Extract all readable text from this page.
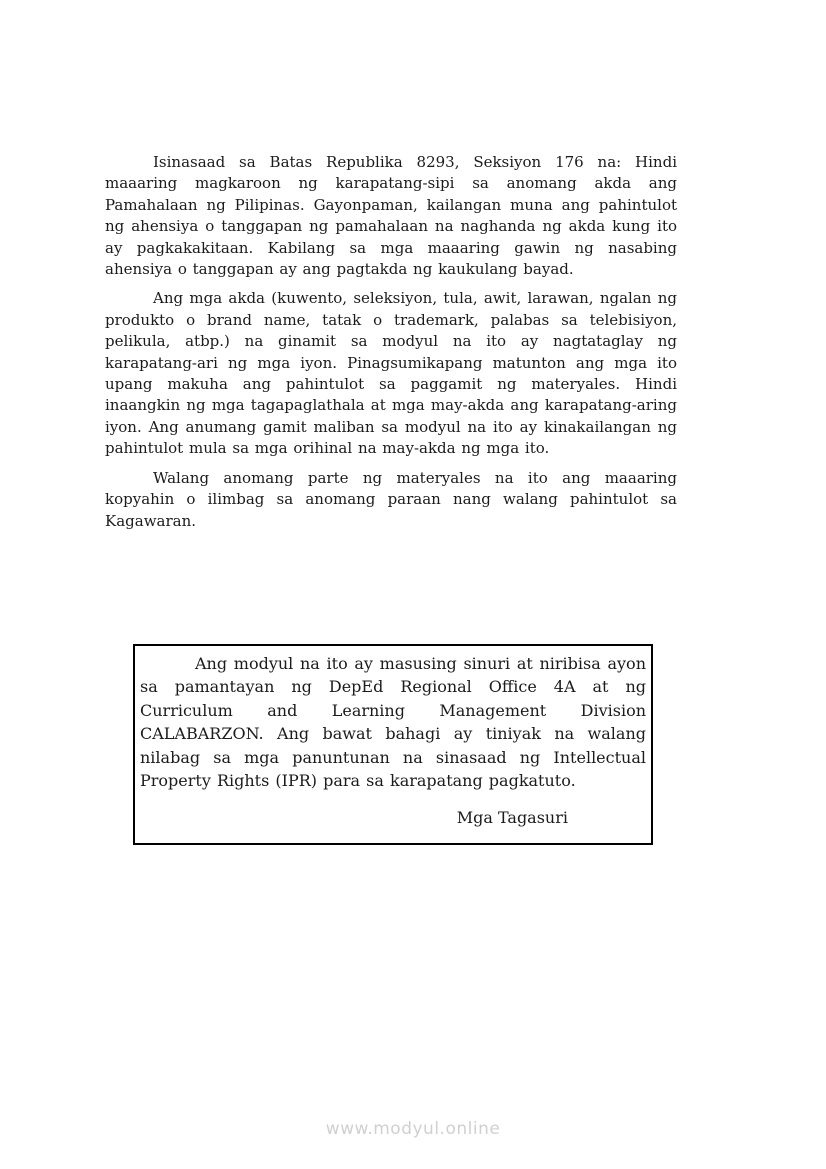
Isinasaad sa Batas Republika 8293, Seksiyon 176 na: Hindi maaaring magkaroon ng karapatang-sipi sa anomang akda ang Pamahalaan ng Pilipinas. Gayonpaman, kailangan muna ang pahintulot ng ahensiya o tanggapan ng pamahalaan na naghanda ng akda kung ito ay pagkakakitaan. Kabilang sa mga maaaring gawin ng nasabing ahensiya o tanggapan ay ang pagtakda ng kaukulang bayad.

Ang mga akda (kuwento, seleksiyon, tula, awit, larawan, ngalan ng produkto o brand name, tatak o trademark, palabas sa telebisiyon, pelikula, atbp.) na ginamit sa modyul na ito ay nagtataglay ng karapatang-ari ng mga iyon. Pinagsumikapang matunton ang mga ito upang makuha ang pahintulot sa paggamit ng materyales. Hindi inaangkin ng mga tagapaglathala at mga may-akda ang karapatang-aring iyon. Ang anumang gamit maliban sa modyul na ito ay kinakailangan ng pahintulot mula sa mga orihinal na may-akda ng mga ito.

Walang anomang parte ng materyales na ito ang maaaring kopyahin o ilimbag sa anomang paraan nang walang pahintulot sa Kagawaran.

Ang modyul na ito ay masusing sinuri at niribisa ayon sa pamantayan ng DepEd Regional Office 4A at ng Curriculum and Learning Management Division CALABARZON. Ang bawat bahagi ay tiniyak na walang nilabag sa mga panuntunan na sinasaad ng Intellectual Property Rights (IPR) para sa karapatang pagkatuto.

Mga Tagasuri
www.modyul.online
